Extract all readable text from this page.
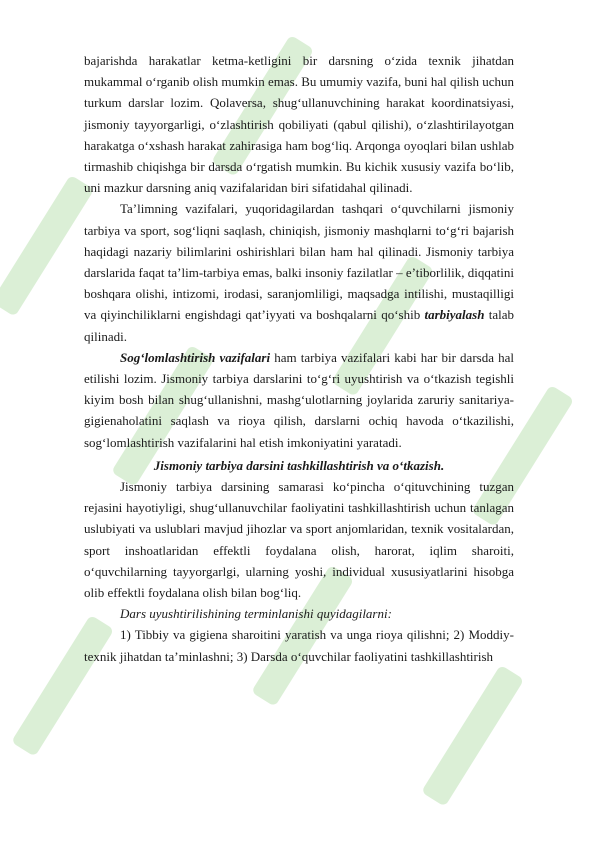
bajarishda harakatlar ketma-ketligini bir darsning o‘zida texnik jihatdan mukammal o‘rganib olish mumkin emas. Bu umumiy vazifa, buni hal qilish uchun turkum darslar lozim. Qolaversa, shug‘ullanuvchining harakat koordinatsiyasi, jismoniy tayyorgarligi, o‘zlashtirish qobiliyati (qabul qilishi), o‘zlashtirilayotgan harakatga o‘xshash harakat zahirasiga ham bog‘liq. Arqonga oyoqlari bilan ushlab tirmashib chiqishga bir darsda o‘rgatish mumkin. Bu kichik xususiy vazifa bo‘lib, uni mazkur darsning aniq vazifalaridan biri sifatidahal qilinadi.

Ta’limning vazifalari, yuqoridagilardan tashqari o‘quvchilarni jismoniy tarbiya va sport, sog‘liqni saqlash, chiniqish, jismoniy mashqlarni to‘g‘ri bajarish haqidagi nazariy bilimlarini oshirishlari bilan ham hal qilinadi. Jismoniy tarbiya darslarida faqat ta’lim-tarbiya emas, balki insoniy fazilatlar – e’tiborlilik, diqqatini boshqara olishi, intizomi, irodasi, saranjomliligi, maqsadga intilishi, mustaqilligi va qiyinchiliklarni engishdagi qat’iyyati va boshqalarni qo‘shib tarbiyalash talab qilinadi.

Sog‘lomlashtirish vazifalari ham tarbiya vazifalari kabi har bir darsda hal etilishi lozim. Jismoniy tarbiya darslarini to‘g‘ri uyushtirish va o‘tkazish tegishli kiyim bosh bilan shug‘ullanishni, mashg‘ulotlarning joylarida zaruriy sanitariya-gigienaholatini saqlash va rioya qilish, darslarni ochiq havoda o‘tkazilishi, sog‘lomlashtirish vazifalarini hal etish imkoniyatini yaratadi.

Jismoniy tarbiya darsini tashkillashtirish va o‘tkazish.

Jismoniy tarbiya darsining samarasi ko‘pincha o‘qituvchining tuzgan rejasini hayotiyligi, shug‘ullanuvchilar faoliyatini tashkillashtirish uchun tanlagan uslubiyati va uslublari mavjud jihozlar va sport anjomlaridan, texnik vositalardan, sport inshoatlaridan effektli foydalana olish, harorat, iqlim sharoiti, o‘quvchilarning tayyorgarlgi, ularning yoshi, individual xususiyatlarini hisobga olib effektli foydalana olish bilan bog‘liq.

Dars uyushtirilishining terminlanishi quyidagilarni:

1) Tibbiy va gigiena sharoitini yaratish va unga rioya qilishni; 2) Moddiy-texnik jihatdan ta’minlashni; 3) Darsda o‘quvchilar faoliyatini tashkillashtirish
